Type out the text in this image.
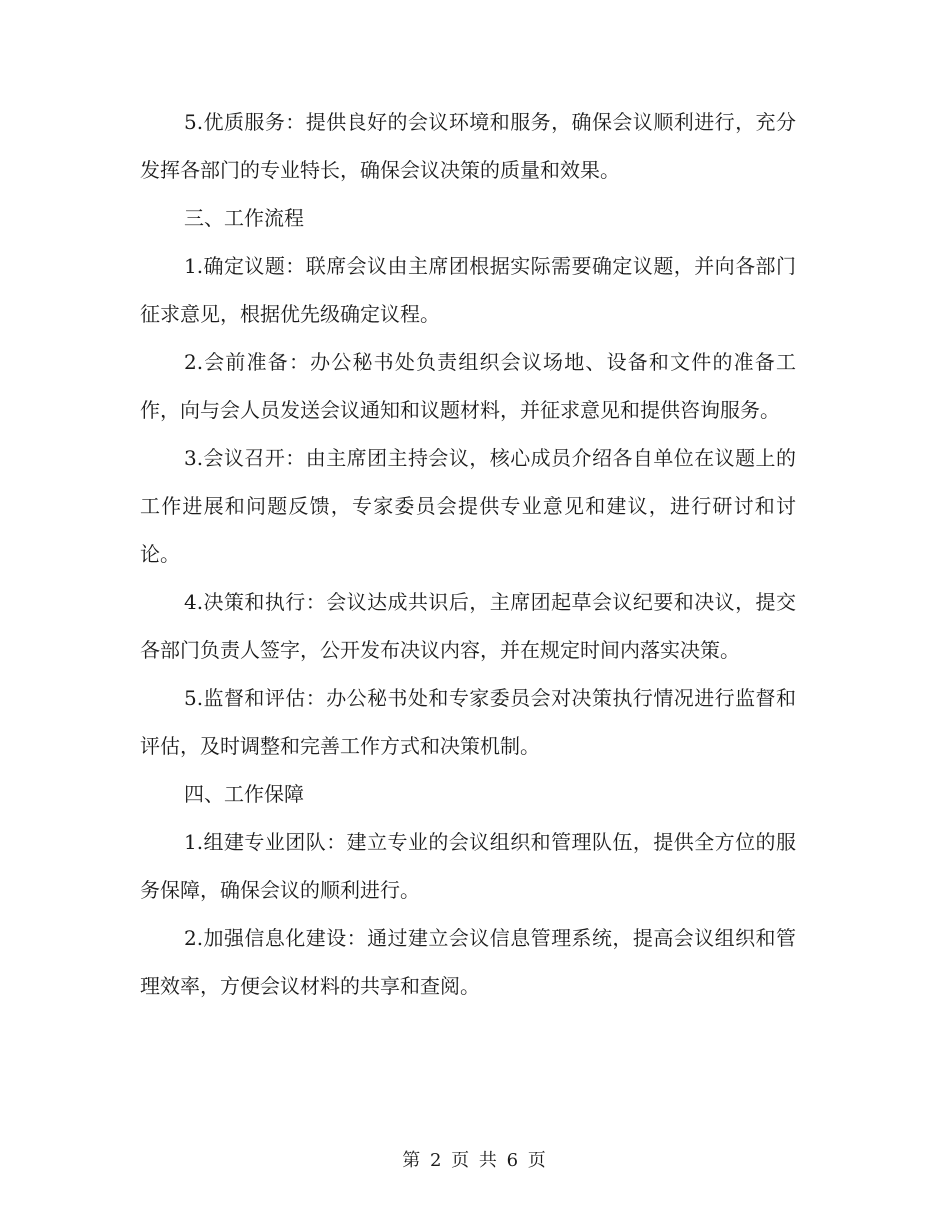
5.优质服务：提供良好的会议环境和服务，确保会议顺利进行，充分发挥各部门的专业特长，确保会议决策的质量和效果。

三、工作流程

1.确定议题：联席会议由主席团根据实际需要确定议题，并向各部门征求意见，根据优先级确定议程。

2.会前准备：办公秘书处负责组织会议场地、设备和文件的准备工作，向与会人员发送会议通知和议题材料，并征求意见和提供咨询服务。

3.会议召开：由主席团主持会议，核心成员介绍各自单位在议题上的工作进展和问题反馈，专家委员会提供专业意见和建议，进行研讨和讨论。

4.决策和执行：会议达成共识后，主席团起草会议纪要和决议，提交各部门负责人签字，公开发布决议内容，并在规定时间内落实决策。

5.监督和评估：办公秘书处和专家委员会对决策执行情况进行监督和评估，及时调整和完善工作方式和决策机制。

四、工作保障

1.组建专业团队：建立专业的会议组织和管理队伍，提供全方位的服务保障，确保会议的顺利进行。

2.加强信息化建设：通过建立会议信息管理系统，提高会议组织和管理效率，方便会议材料的共享和查阅。

第 2 页 共 6 页
